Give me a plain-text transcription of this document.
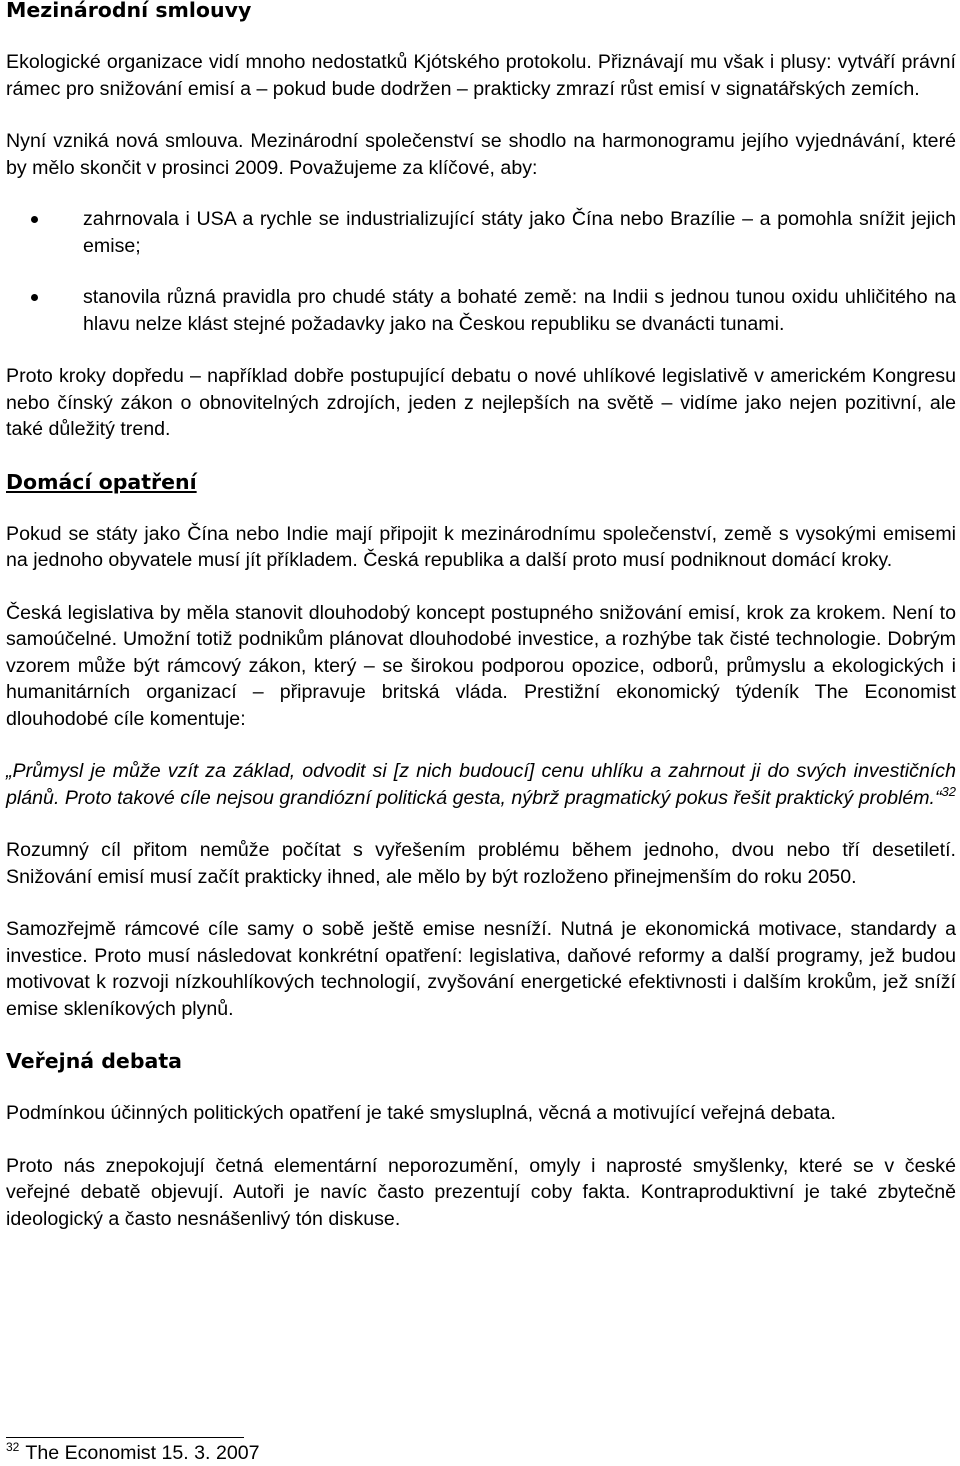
Mezinárodní smlouvy

Ekologické organizace vidí mnoho nedostatků Kjótského protokolu. Přiznávají mu však i plusy: vytváří právní rámec pro snižování emisí a – pokud bude dodržen – prakticky zmrazí růst emisí v signatářských zemích.

Nyní vzniká nová smlouva. Mezinárodní společenství se shodlo na harmonogramu jejího vyjednávání, které by mělo skončit v prosinci 2009. Považujeme za klíčové, aby:

zahrnovala i USA a rychle se industrializující státy jako Čína nebo Brazílie – a pomohla snížit jejich emise;
stanovila různá pravidla pro chudé státy a bohaté země: na Indii s jednou tunou oxidu uhličitého na hlavu nelze klást stejné požadavky jako na Českou republiku se dvanácti tunami.

Proto kroky dopředu – například dobře postupující debatu o nové uhlíkové legislativě v americkém Kongresu nebo čínský zákon o obnovitelných zdrojích, jeden z nejlepších na světě – vidíme jako nejen pozitivní, ale také důležitý trend.

Domácí opatření

Pokud se státy jako Čína nebo Indie mají připojit k mezinárodnímu společenství, země s vysokými emisemi na jednoho obyvatele musí jít příkladem. Česká republika a další proto musí podniknout domácí kroky.

Česká legislativa by měla stanovit dlouhodobý koncept postupného snižování emisí, krok za krokem. Není to samoúčelné. Umožní totiž podnikům plánovat dlouhodobé investice, a rozhýbe tak čisté technologie. Dobrým vzorem může být rámcový zákon, který – se širokou podporou opozice, odborů, průmyslu a ekologických i humanitárních organizací – připravuje britská vláda. Prestižní ekonomický týdeník The Economist dlouhodobé cíle komentuje:

„Průmysl je může vzít za základ, odvodit si [z nich budoucí] cenu uhlíku a zahrnout ji do svých investičních plánů. Proto takové cíle nejsou grandiózní politická gesta, nýbrž pragmatický pokus řešit praktický problém.“$^{32}$

Rozumný cíl přitom nemůže počítat s vyřešením problému během jednoho, dvou nebo tří desetiletí. Snižování emisí musí začít prakticky ihned, ale mělo by být rozloženo přinejmenším do roku 2050.

Samozřejmě rámcové cíle samy o sobě ještě emise nesníží. Nutná je ekonomická motivace, standardy a investice. Proto musí následovat konkrétní opatření: legislativa, daňové reformy a další programy, jež budou motivovat k rozvoji nízkouhlíkových technologií, zvyšování energetické efektivnosti i dalším krokům, jež sníží emise skleníkových plynů.

Veřejná debata

Podmínkou účinných politických opatření je také smysluplná, věcná a motivující veřejná debata.

Proto nás znepokojují četná elementární neporozumění, omyly i naprosté smyšlenky, které se v české veřejné debatě objevují. Autoři je navíc často prezentují coby fakta. Kontraproduktivní je také zbytečně ideologický a často nesnášenlivý tón diskuse.

$^{32}$ The Economist 15. 3. 2007
